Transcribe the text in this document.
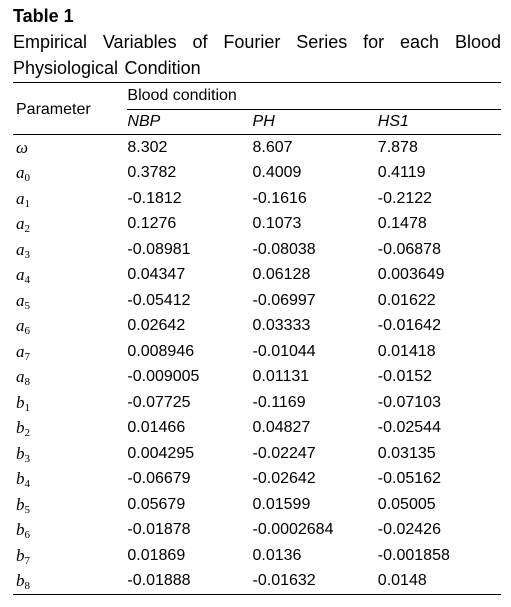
Table 1

Empirical Variables of Fourier Series for each Blood Physiological Condition

Parameter	Blood condition		
	NBP	PH	HS1
ω	8.302	8.607	7.878
$a_0$	0.3782	0.4009	0.4119
$a_1$	-0.1812	-0.1616	-0.2122
$a_2$	0.1276	0.1073	0.1478
$a_3$	-0.08981	-0.08038	-0.06878
$a_4$	0.04347	0.06128	0.003649
$a_5$	-0.05412	-0.06997	0.01622
$a_6$	0.02642	0.03333	-0.01642
$a_7$	0.008946	-0.01044	0.01418
$a_8$	-0.009005	0.01131	-0.0152
$b_1$	-0.07725	-0.1169	-0.07103
$b_2$	0.01466	0.04827	-0.02544
$b_3$	0.004295	-0.02247	0.03135
$b_4$	-0.06679	-0.02642	-0.05162
$b_5$	0.05679	0.01599	0.05005
$b_6$	-0.01878	-0.0002684	-0.02426
$b_7$	0.01869	0.0136	-0.001858
$b_8$	-0.01888	-0.01632	0.0148
